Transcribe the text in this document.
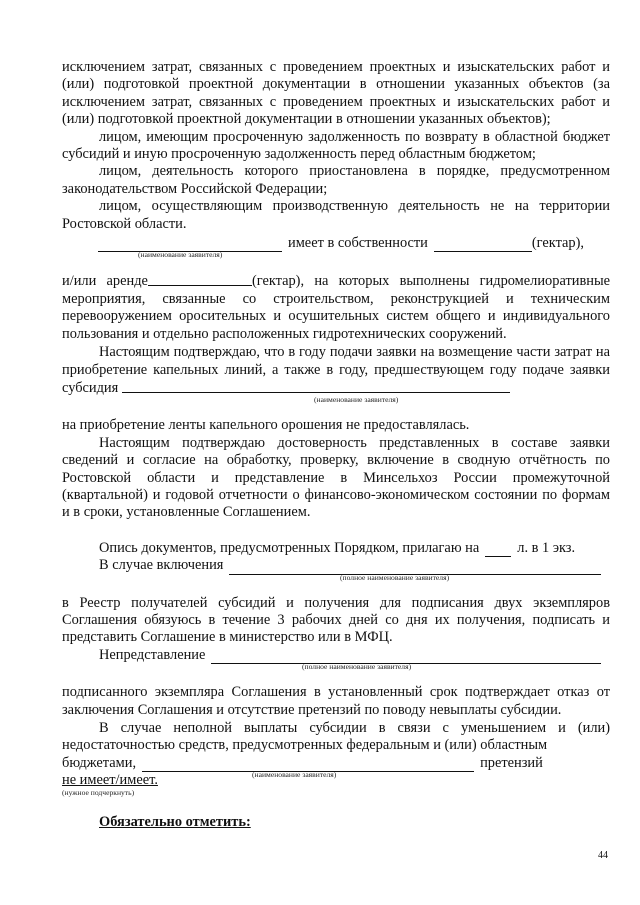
исключением затрат, связанных с проведением проектных и изыскательских работ и (или) подготовкой проектной документации в отношении указанных объектов (за исключением затрат, связанных с проведением проектных и изыскательских работ и (или) подготовкой проектной документации в отношении указанных объектов);

лицом, имеющим просроченную задолженность по возврату в областной бюджет субсидий и иную просроченную задолженность перед областным бюджетом;

лицом, деятельность которого приостановлена в порядке, предусмотренном законодательством Российской Федерации;

лицом, осуществляющим производственную деятельность не на территории Ростовской области.

имеет в собственности	(гектар),
(наименование заявителя)

и/или аренде	(гектар), на которых выполнены гидромелиоративные мероприятия, связанные со строительством, реконструкцией и техническим перевооружением оросительных и осушительных систем общего и индивидуального пользования и отдельно расположенных гидротехнических сооружений.

Настоящим подтверждаю, что в году подачи заявки на возмещение части затрат на приобретение капельных линий, а также в году, предшествующем году подаче заявки субсидия

(наименование заявителя)

на приобретение ленты капельного орошения не предоставлялась.

Настоящим подтверждаю достоверность представленных в составе заявки сведений и согласие на обработку, проверку, включение в сводную отчётность по Ростовской области и представление в Минсельхоз России промежуточной (квартальной) и годовой отчетности о финансово-экономическом состоянии по формам и в сроки, установленные Соглашением.

Опись документов, предусмотренных Порядком, прилагаю на	л. в 1 экз.
В случае включения
(полное наименование заявителя)

в Реестр получателей субсидий и получения для подписания двух экземпляров Соглашения обязуюсь в течение 3 рабочих дней со дня их получения, подписать и представить Соглашение в министерство или в МФЦ.

Непредставление
(полное наименование заявителя)

подписанного экземпляра Соглашения в установленный срок подтверждает отказ от заключения Соглашения и отсутствие претензий по поводу невыплаты субсидии.

В случае неполной выплаты субсидии в связи с уменьшением и (или) недостаточностью средств, предусмотренных федеральным и (или) областным

бюджетами,	претензий
не имеет/имеет.	(наименование заявителя)
(нужное подчеркнуть)

Обязательно отметить:

44
